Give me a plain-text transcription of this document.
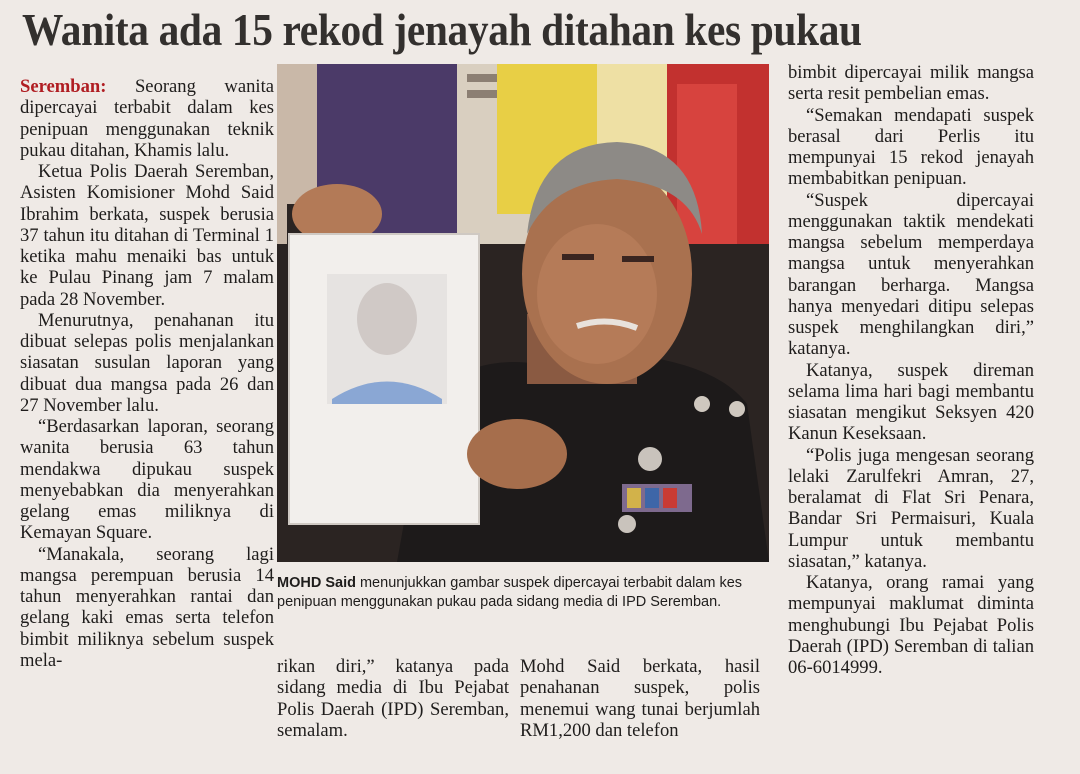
Wanita ada 15 rekod jenayah ditahan kes pukau

Seremban: Seorang wanita dipercayai terbabit dalam kes penipuan menggunakan teknik pukau ditahan, Khamis lalu.

Ketua Polis Daerah Seremban, Asisten Komisioner Mohd Said Ibrahim berkata, suspek berusia 37 tahun itu ditahan di Terminal 1 ketika mahu menaiki bas untuk ke Pulau Pinang jam 7 malam pada 28 November.

Menurutnya, penahanan itu dibuat selepas polis menjalankan siasatan susulan laporan yang dibuat dua mangsa pada 26 dan 27 November lalu.

“Berdasarkan laporan, seorang wanita berusia 63 tahun mendakwa dipukau suspek menyebabkan dia menyerahkan gelang emas miliknya di Kemayan Square.

“Manakala, seorang lagi mangsa perempuan berusia 14 tahun menyerahkan rantai dan gelang kaki emas serta telefon bimbit miliknya sebelum suspek mela-

MOHD Said menunjukkan gambar suspek dipercayai terbabit dalam kes penipuan menggunakan pukau pada sidang media di IPD Seremban.

rikan diri,” katanya pada sidang media di Ibu Pejabat Polis Daerah (IPD) Seremban, semalam.

Mohd Said berkata, hasil penahanan suspek, polis menemui wang tunai berjumlah RM1,200 dan telefon

bimbit dipercayai milik mangsa serta resit pembelian emas.

“Semakan mendapati suspek berasal dari Perlis itu mempunyai 15 rekod jenayah membabitkan penipuan.

“Suspek dipercayai menggunakan taktik mendekati mangsa sebelum memperdaya mangsa untuk menyerahkan barangan berharga. Mangsa hanya menyedari ditipu selepas suspek menghilangkan diri,” katanya.

Katanya, suspek direman selama lima hari bagi membantu siasatan mengikut Seksyen 420 Kanun Keseksaan.

“Polis juga mengesan seorang lelaki Zarulfekri Amran, 27, beralamat di Flat Sri Penara, Bandar Sri Permaisuri, Kuala Lumpur untuk membantu siasatan,” katanya.

Katanya, orang ramai yang mempunyai maklumat diminta menghubungi Ibu Pejabat Polis Daerah (IPD) Seremban di talian 06-6014999.
